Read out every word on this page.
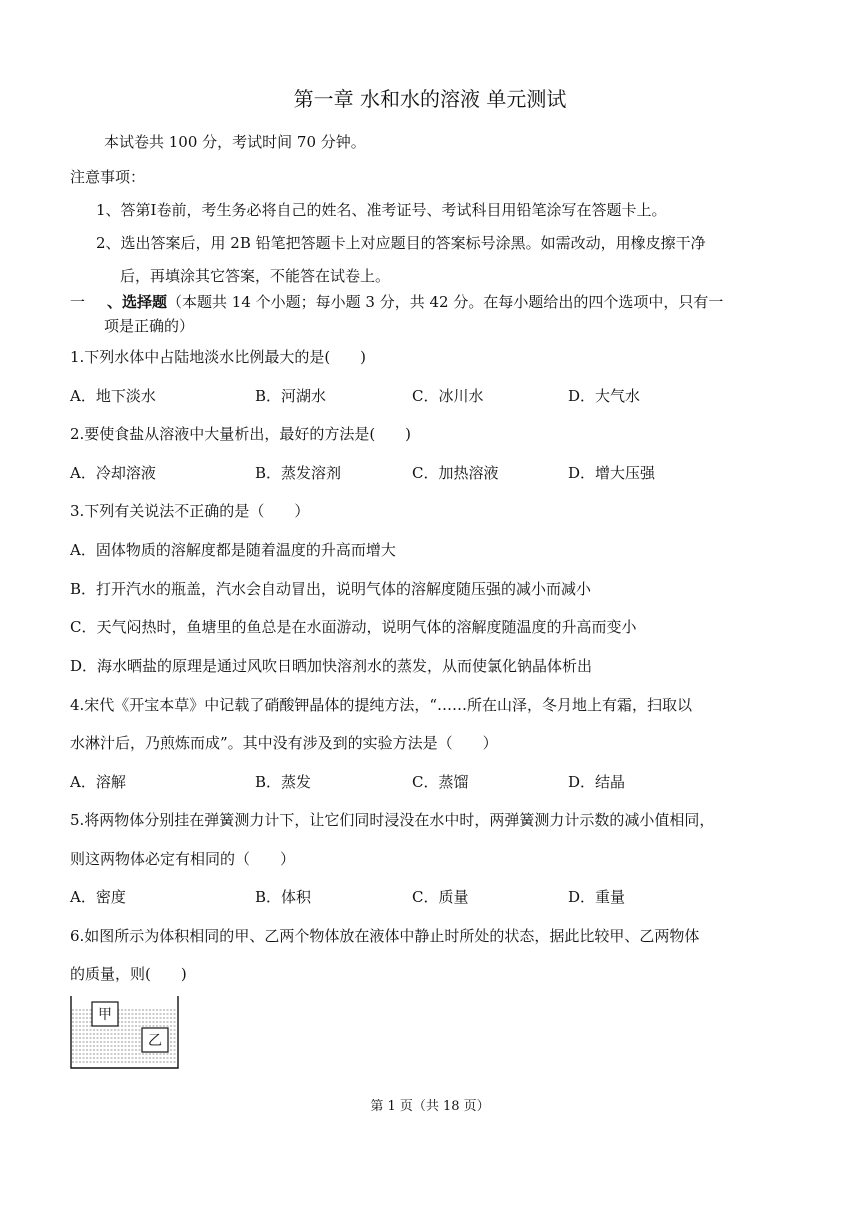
第一章 水和水的溶液 单元测试
本试卷共 100 分，考试时间 70 分钟。
注意事项：
1、答第Ⅰ卷前，考生务必将自己的姓名、准考证号、考试科目用铅笔涂写在答题卡上。
2、选出答案后，用 2B 铅笔把答题卡上对应题目的答案标号涂黑。如需改动，用橡皮擦干净
后，再填涂其它答案，不能答在试卷上。
一 、选择题（本题共 14 个小题；每小题 3 分，共 42 分。在每小题给出的四个选项中，只有一
项是正确的）
1.下列水体中占陆地淡水比例最大的是(　　)
A．地下淡水	B．河湖水	C．冰川水	D．大气水
2.要使食盐从溶液中大量析出，最好的方法是(　　)
A．冷却溶液	B．蒸发溶剂	C．加热溶液	D．增大压强
3.下列有关说法不正确的是（　　）
A．固体物质的溶解度都是随着温度的升高而增大
B．打开汽水的瓶盖，汽水会自动冒出，说明气体的溶解度随压强的减小而减小
C．天气闷热时，鱼塘里的鱼总是在水面游动，说明气体的溶解度随温度的升高而变小
D．海水晒盐的原理是通过风吹日晒加快溶剂水的蒸发，从而使氯化钠晶体析出
4.宋代《开宝本草》中记载了硝酸钾晶体的提纯方法，“……所在山泽，冬月地上有霜，扫取以
水淋汁后，乃煎炼而成”。其中没有涉及到的实验方法是（　　）
A．溶解	B．蒸发	C．蒸馏	D．结晶
5.将两物体分别挂在弹簧测力计下，让它们同时浸没在水中时，两弹簧测力计示数的减小值相同，
则这两物体必定有相同的（　　）
A．密度	B．体积	C．质量	D．重量
6.如图所示为体积相同的甲、乙两个物体放在液体中静止时所处的状态，据此比较甲、乙两物体
的质量，则(　　)
甲
乙
第 1 页（共 18 页）
